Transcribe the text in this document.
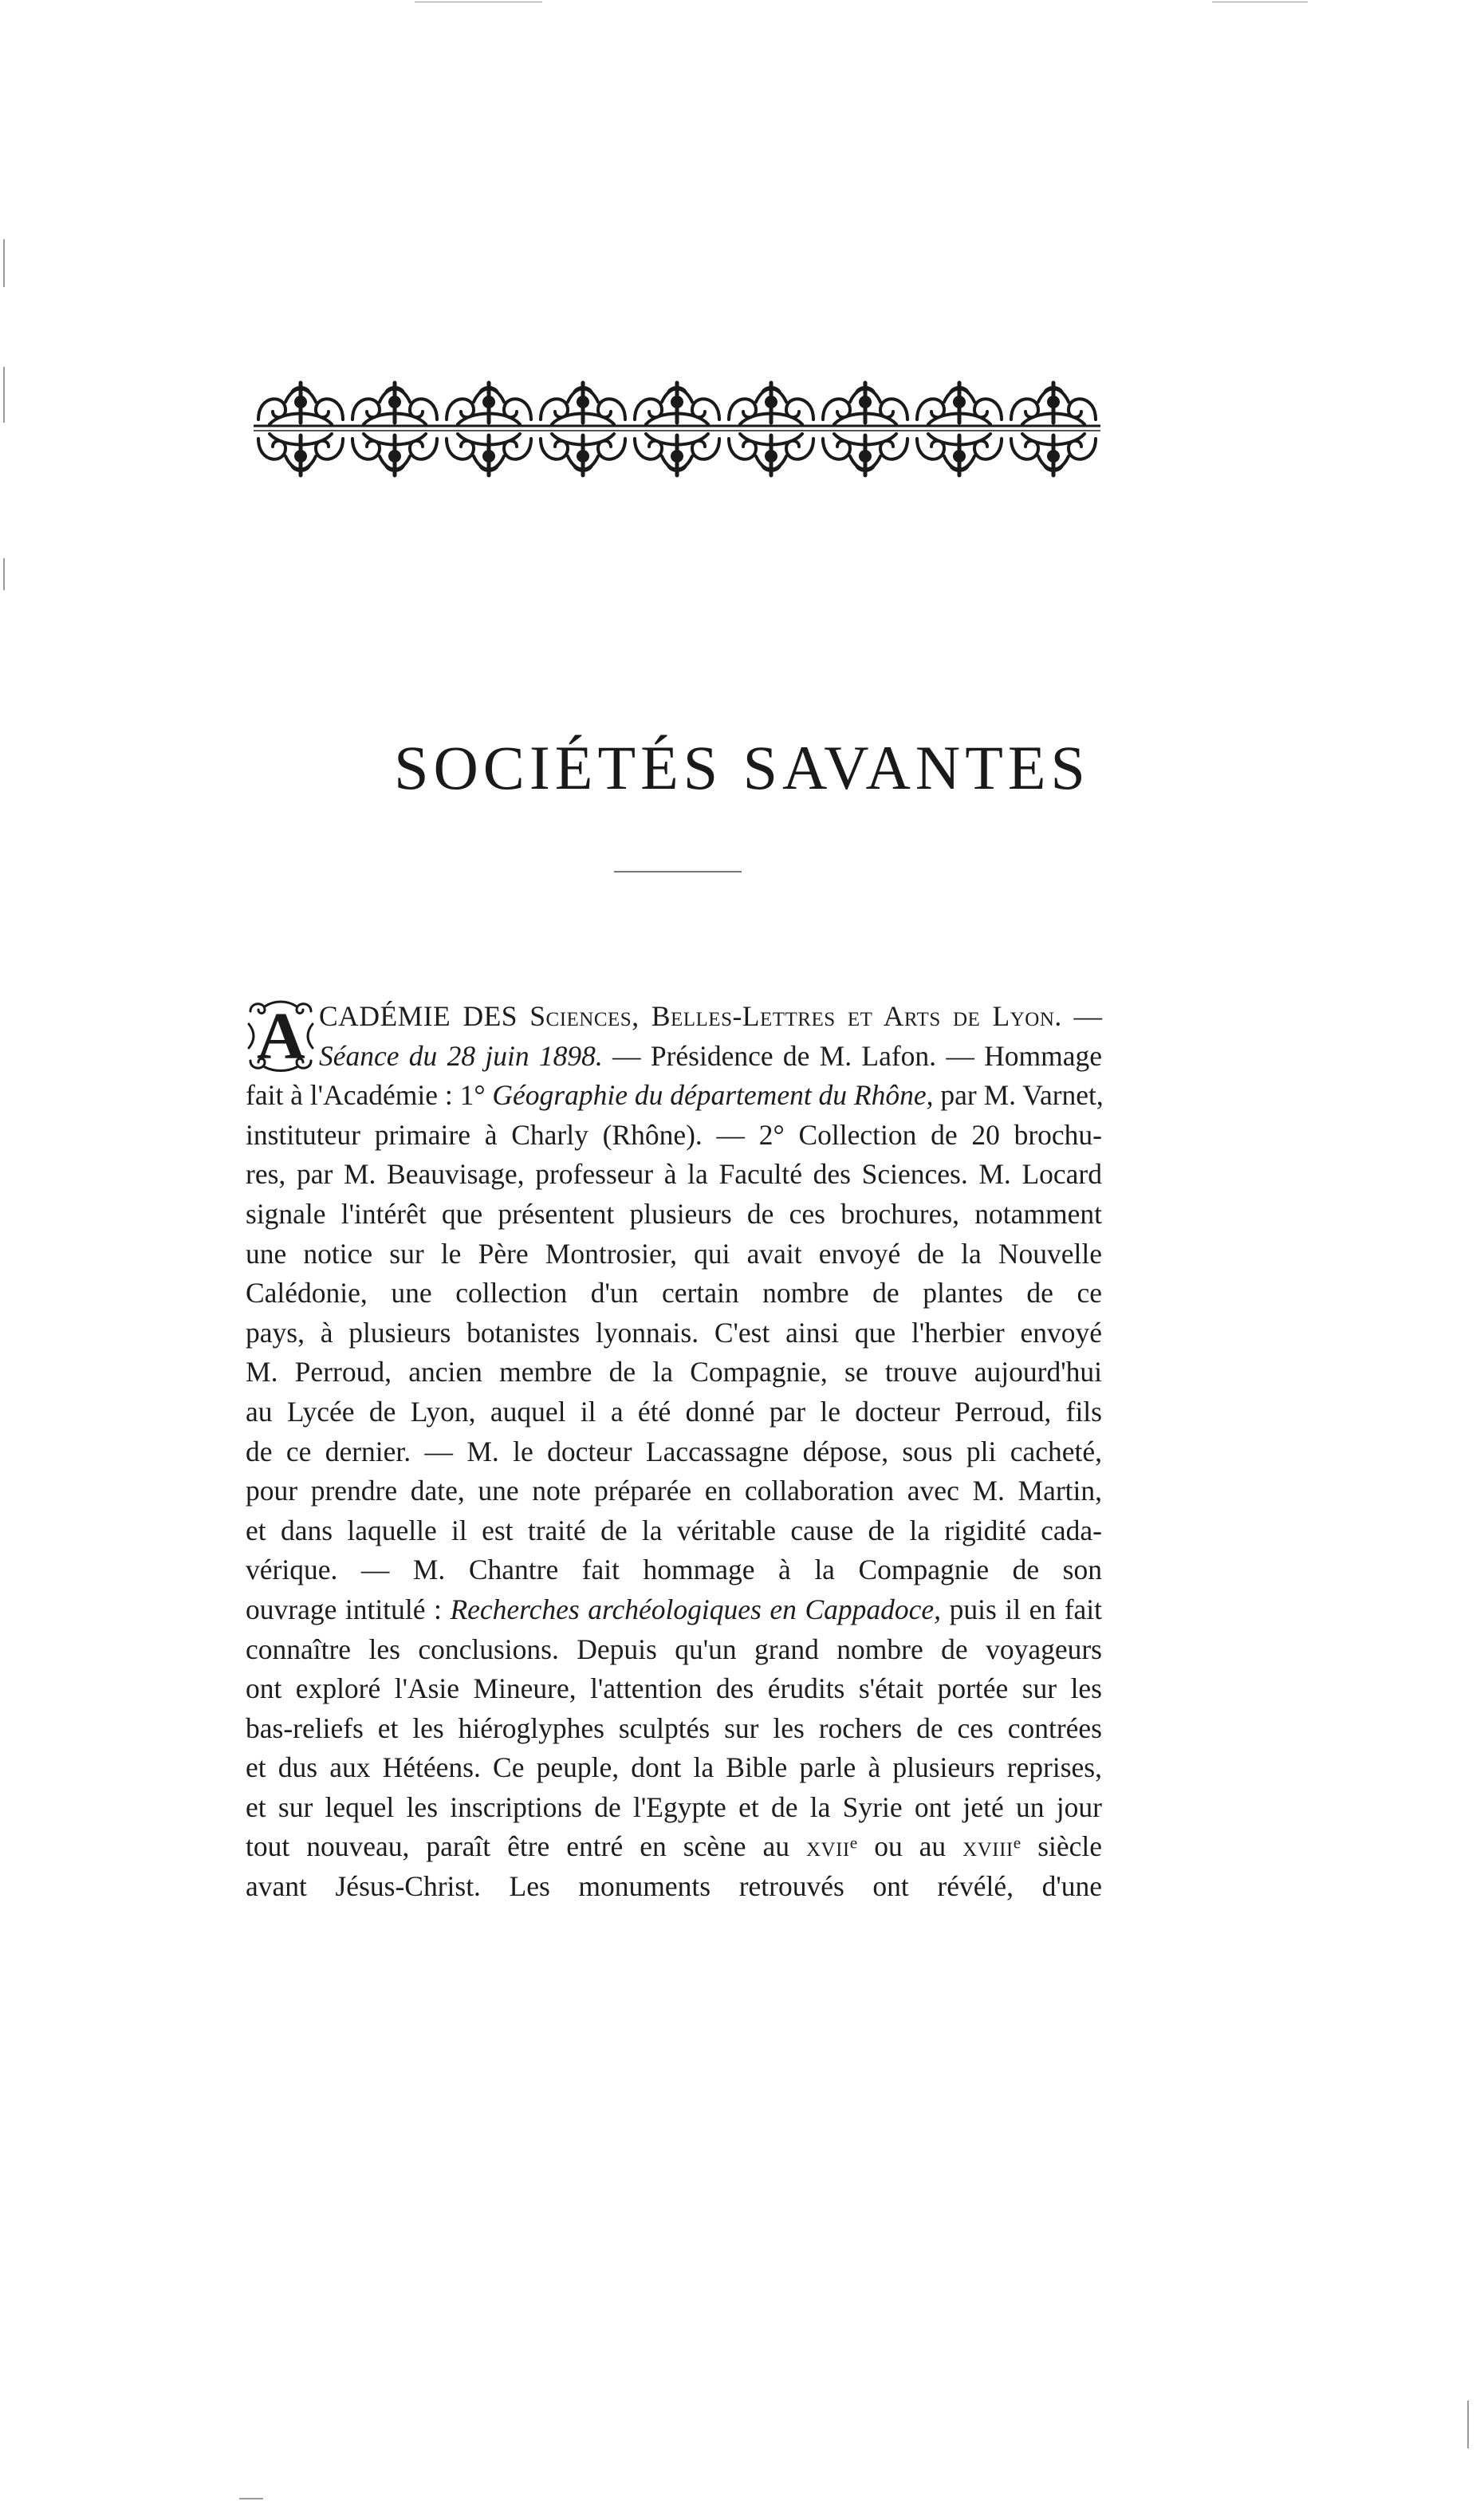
SOCIÉTÉS SAVANTES
A CADÉMIE DES Sciences, Belles-Lettres et Arts de Lyon. —
Séance du 28 juin 1898. — Présidence de M. Lafon. — Hommage
fait à l'Académie : 1° Géographie du département du Rhône, par M. Varnet,
instituteur primaire à Charly (Rhône). — 2° Collection de 20 brochu-
res, par M. Beauvisage, professeur à la Faculté des Sciences. M. Locard
signale l'intérêt que présentent plusieurs de ces brochures, notamment
une notice sur le Père Montrosier, qui avait envoyé de la Nouvelle
Calédonie, une collection d'un certain nombre de plantes de ce
pays, à plusieurs botanistes lyonnais. C'est ainsi que l'herbier envoyé
M. Perroud, ancien membre de la Compagnie, se trouve aujourd'hui
au Lycée de Lyon, auquel il a été donné par le docteur Perroud, fils
de ce dernier. — M. le docteur Laccassagne dépose, sous pli cacheté,
pour prendre date, une note préparée en collaboration avec M. Martin,
et dans laquelle il est traité de la véritable cause de la rigidité cada-
vérique. — M. Chantre fait hommage à la Compagnie de son
ouvrage intitulé : Recherches archéologiques en Cappadoce, puis il en fait
connaître les conclusions. Depuis qu'un grand nombre de voyageurs
ont exploré l'Asie Mineure, l'attention des érudits s'était portée sur les
bas-reliefs et les hiéroglyphes sculptés sur les rochers de ces contrées
et dus aux Hétéens. Ce peuple, dont la Bible parle à plusieurs reprises,
et sur lequel les inscriptions de l'Egypte et de la Syrie ont jeté un jour
tout nouveau, paraît être entré en scène au xvii$^e$ ou au xviii$^e$ siècle
avant Jésus-Christ. Les monuments retrouvés ont révélé, d'une
